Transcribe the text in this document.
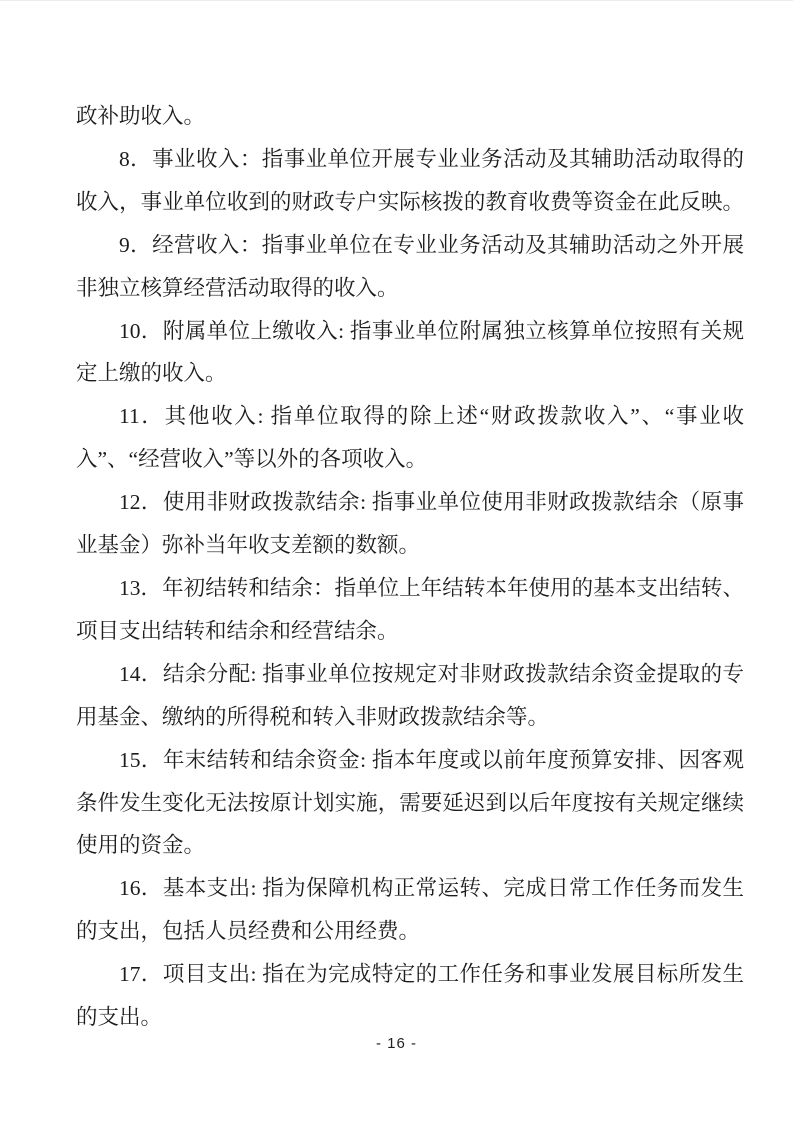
政补助收入。

8．事业收入：指事业单位开展专业业务活动及其辅助活动取得的

收入，事业单位收到的财政专户实际核拨的教育收费等资金在此反映。

9．经营收入：指事业单位在专业业务活动及其辅助活动之外开展

非独立核算经营活动取得的收入。

10．附属单位上缴收入: 指事业单位附属独立核算单位按照有关规

定上缴的收入。

11．其他收入: 指单位取得的除上述“财政拨款收入”、“事业收

入”、“经营收入”等以外的各项收入。

12．使用非财政拨款结余: 指事业单位使用非财政拨款结余（原事

业基金）弥补当年收支差额的数额。

13．年初结转和结余：指单位上年结转本年使用的基本支出结转、

项目支出结转和结余和经营结余。

14．结余分配: 指事业单位按规定对非财政拨款结余资金提取的专

用基金、缴纳的所得税和转入非财政拨款结余等。

15．年末结转和结余资金: 指本年度或以前年度预算安排、因客观

条件发生变化无法按原计划实施，需要延迟到以后年度按有关规定继续

使用的资金。

16．基本支出: 指为保障机构正常运转、完成日常工作任务而发生

的支出，包括人员经费和公用经费。

17．项目支出: 指在为完成特定的工作任务和事业发展目标所发生

的支出。

- 16 -
